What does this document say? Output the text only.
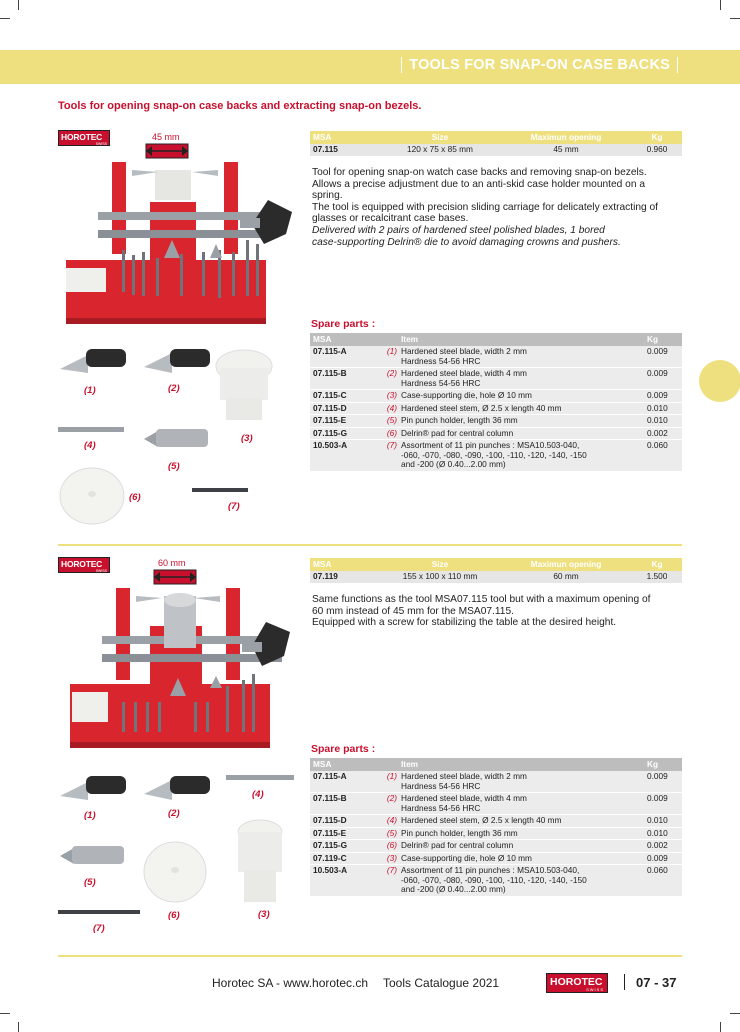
TOOLS FOR SNAP-ON CASE BACKS
Tools for opening snap-on case backs and extracting snap-on bezels.
HOROTEC
SWISS
45 mm
(1)	(2)
(3)
(4)
(5)
(6)
(7)
MSA	Size	Maximun opening	Kg
07.115	120 x 75 x 85 mm	45 mm	0.960
Tool for opening snap-on watch case backs and removing snap-on bezels.
Allows a precise adjustment due to an anti-skid case holder mounted on a
spring.
The tool is equipped with precision sliding carriage for delicately extracting of
glasses or recalcitrant case bases.
Delivered with 2 pairs of hardened steel polished blades, 1 bored
case-supporting Delrin® die to avoid damaging crowns and pushers.
Spare parts :
MSA		Item	Kg
07.115-A	(1)	Hardened steel blade, width 2 mm
Hardness 54-56 HRC	0.009
07.115-B	(2)	Hardened steel blade, width 4 mm
Hardness 54-56 HRC	0.009
07.115-C	(3)	Case-supporting die, hole Ø 10 mm	0.009
07.115-D	(4)	Hardened steel stem, Ø 2.5 x length 40 mm	0.010
07.115-E	(5)	Pin punch holder, length 36 mm	0.010
07.115-G	(6)	Delrin® pad for central column	0.002
10.503-A	(7)	Assortment of 11 pin punches : MSA10.503-040,
-060, -070, -080, -090, -100, -110, -120, -140, -150
and -200 (Ø 0.40...2.00 mm)	0.060
HOROTEC
SWISS
60 mm
(1)	(2)
(3)
(4)
(5)
(6)
(7)
MSA	Size	Maximun opening	Kg
07.119	155 x 100 x 110 mm	60 mm	1.500
Same functions as the tool MSA07.115 tool but with a maximum opening of
60 mm instead of 45 mm for the MSA07.115.
Equipped with a screw for stabilizing the table at the desired height.
Spare parts :
MSA		Item	Kg
07.115-A	(1)	Hardened steel blade, width 2 mm
Hardness 54-56 HRC	0.009
07.115-B	(2)	Hardened steel blade, width 4 mm
Hardness 54-56 HRC	0.009
07.115-D	(4)	Hardened steel stem, Ø 2.5 x length 40 mm	0.010
07.115-E	(5)	Pin punch holder, length 36 mm	0.010
07.115-G	(6)	Delrin® pad for central column	0.002
07.119-C	(3)	Case-supporting die, hole Ø 10 mm	0.009
10.503-A	(7)	Assortment of 11 pin punches : MSA10.503-040,
-060, -070, -080, -090, -100, -110, -120, -140, -150
and -200 (Ø 0.40...2.00 mm)	0.060
Horotec SA - www.horotec.ch Tools Catalogue 2021	HOROTEC
SWISS 07 - 37
